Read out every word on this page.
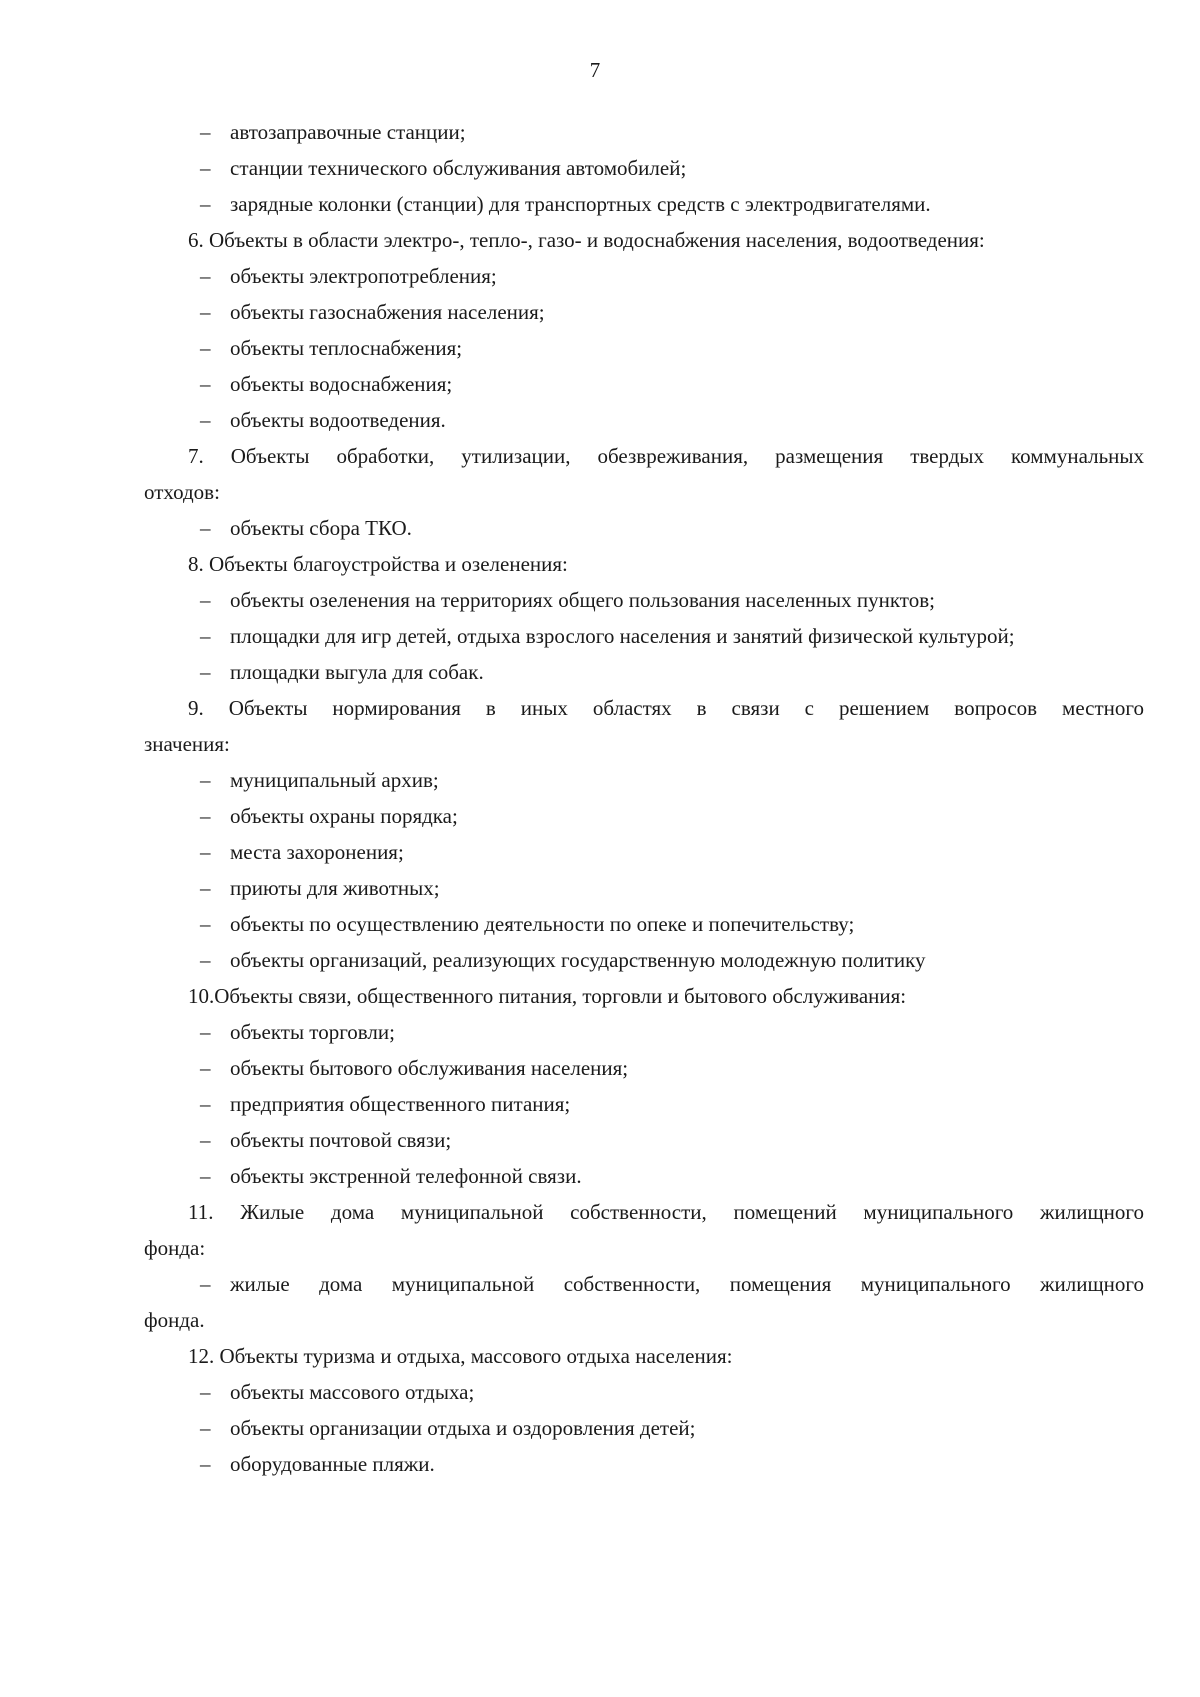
7
– автозаправочные станции;
– станции технического обслуживания автомобилей;
– зарядные колонки (станции) для транспортных средств с электродвигателями.
6. Объекты в области электро-, тепло-, газо- и водоснабжения населения, водоотведения:
– объекты электропотребления;
– объекты газоснабжения населения;
– объекты теплоснабжения;
– объекты водоснабжения;
– объекты водоотведения.
7. Объекты обработки, утилизации, обезвреживания, размещения твердых коммунальных
отходов:
– объекты сбора ТКО.
8. Объекты благоустройства и озеленения:
– объекты озеленения на территориях общего пользования населенных пунктов;
– площадки для игр детей, отдыха взрослого населения и занятий физической культурой;
– площадки выгула для собак.
9. Объекты нормирования в иных областях в связи с решением вопросов местного
значения:
– муниципальный архив;
– объекты охраны порядка;
– места захоронения;
– приюты для животных;
– объекты по осуществлению деятельности по опеке и попечительству;
– объекты организаций, реализующих государственную молодежную политику
10.Объекты связи, общественного питания, торговли и бытового обслуживания:
– объекты торговли;
– объекты бытового обслуживания населения;
– предприятия общественного питания;
– объекты почтовой связи;
– объекты экстренной телефонной связи.
11. Жилые дома муниципальной собственности, помещений муниципального жилищного
фонда:
– жилые дома муниципальной собственности, помещения муниципального жилищного
фонда.
12. Объекты туризма и отдыха, массового отдыха населения:
– объекты массового отдыха;
– объекты организации отдыха и оздоровления детей;
– оборудованные пляжи.
